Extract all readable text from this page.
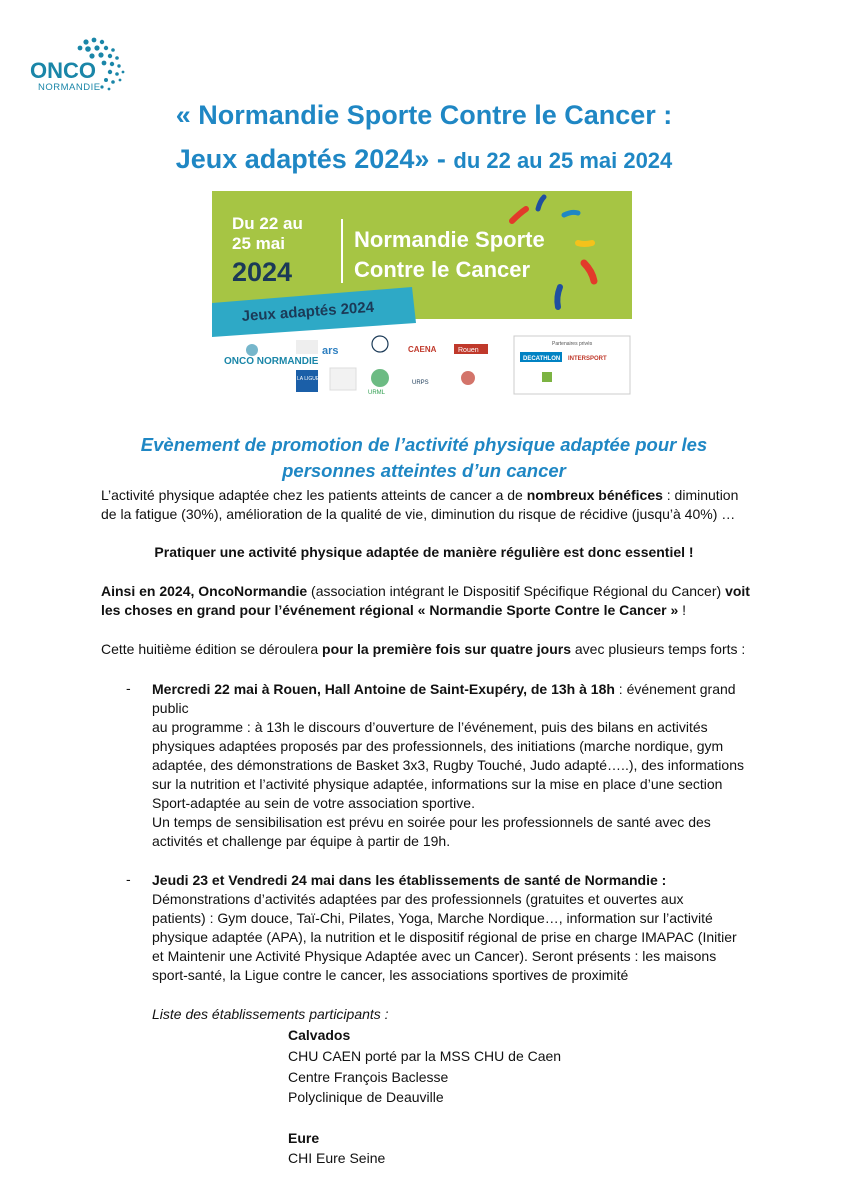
ONCO
NORMANDIE
« Normandie Sporte Contre le Cancer :
Jeux adaptés 2024» - du 22 au 25 mai 2024
Du 22 au
25 mai
2024
Normandie Sporte
Contre le Cancer
Jeux adaptés 2024
ONCO NORMANDIE
ars	CAENA	Rouen
LA LIGUE
URML
URPS
Partenaires privés
DECATHLON INTERSPORT
Evènement de promotion de l’activité physique adaptée pour les
personnes atteintes d’un cancer
L’activité physique adaptée chez les patients atteints de cancer a de nombreux bénéfices : diminution
de la fatigue (30%), amélioration de la qualité de vie, diminution du risque de récidive (jusqu’à 40%) …
Pratiquer une activité physique adaptée de manière régulière est donc essentiel !
Ainsi en 2024, OncoNormandie (association intégrant le Dispositif Spécifique Régional du Cancer) voit
les choses en grand pour l’événement régional « Normandie Sporte Contre le Cancer » !
Cette huitième édition se déroulera pour la première fois sur quatre jours avec plusieurs temps forts :
- Mercredi 22 mai à Rouen, Hall Antoine de Saint-Exupéry, de 13h à 18h : événement grand
public
au programme : à 13h le discours d’ouverture de l’événement, puis des bilans en activités
physiques adaptées proposés par des professionnels, des initiations (marche nordique, gym
adaptée, des démonstrations de Basket 3x3, Rugby Touché, Judo adapté…..), des informations
sur la nutrition et l’activité physique adaptée, informations sur la mise en place d’une section
Sport-adaptée au sein de votre association sportive.
Un temps de sensibilisation est prévu en soirée pour les professionnels de santé avec des
activités et challenge par équipe à partir de 19h.
- Jeudi 23 et Vendredi 24 mai dans les établissements de santé de Normandie :
Démonstrations d’activités adaptées par des professionnels (gratuites et ouvertes aux
patients) : Gym douce, Taï-Chi, Pilates, Yoga, Marche Nordique…, information sur l’activité
physique adaptée (APA), la nutrition et le dispositif régional de prise en charge IMAPAC (Initier
et Maintenir une Activité Physique Adaptée avec un Cancer). Seront présents : les maisons
sport-santé, la Ligue contre le cancer, les associations sportives de proximité
Liste des établissements participants :
Calvados
CHU CAEN porté par la MSS CHU de Caen
Centre François Baclesse
Polyclinique de Deauville
Eure
CHI Eure Seine
